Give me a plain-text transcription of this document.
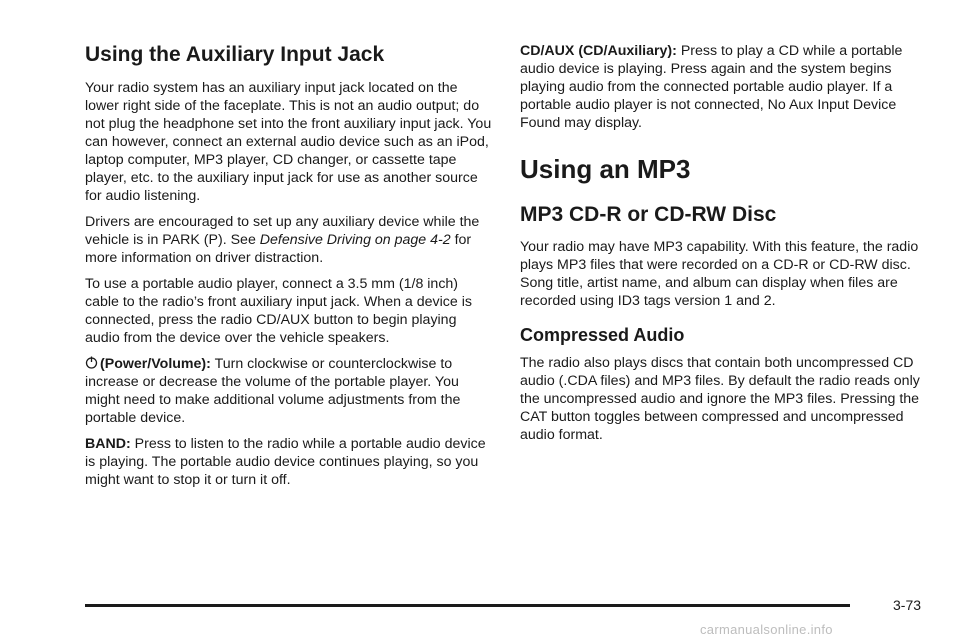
Using the Auxiliary Input Jack

Your radio system has an auxiliary input jack located on the lower right side of the faceplate. This is not an audio output; do not plug the headphone set into the front auxiliary input jack. You can however, connect an external audio device such as an iPod, laptop computer, MP3 player, CD changer, or cassette tape player, etc. to the auxiliary input jack for use as another source for audio listening.

Drivers are encouraged to set up any auxiliary device while the vehicle is in PARK (P). See Defensive Driving on page 4-2 for more information on driver distraction.

To use a portable audio player, connect a 3.5 mm (1/8 inch) cable to the radio’s front auxiliary input jack. When a device is connected, press the radio CD/AUX button to begin playing audio from the device over the vehicle speakers.

(Power/Volume): Turn clockwise or counterclockwise to increase or decrease the volume of the portable player. You might need to make additional volume adjustments from the portable device.

BAND: Press to listen to the radio while a portable audio device is playing. The portable audio device continues playing, so you might want to stop it or turn it off.

CD/AUX (CD/Auxiliary): Press to play a CD while a portable audio device is playing. Press again and the system begins playing audio from the connected portable audio player. If a portable audio player is not connected, No Aux Input Device Found may display.

Using an MP3
MP3 CD-R or CD-RW Disc

Your radio may have MP3 capability. With this feature, the radio plays MP3 files that were recorded on a CD-R or CD-RW disc. Song title, artist name, and album can display when files are recorded using ID3 tags version 1 and 2.

Compressed Audio

The radio also plays discs that contain both uncompressed CD audio (.CDA files) and MP3 files. By default the radio reads only the uncompressed audio and ignore the MP3 files. Pressing the CAT button toggles between compressed and uncompressed audio format.

3-73
carmanualsonline.info
